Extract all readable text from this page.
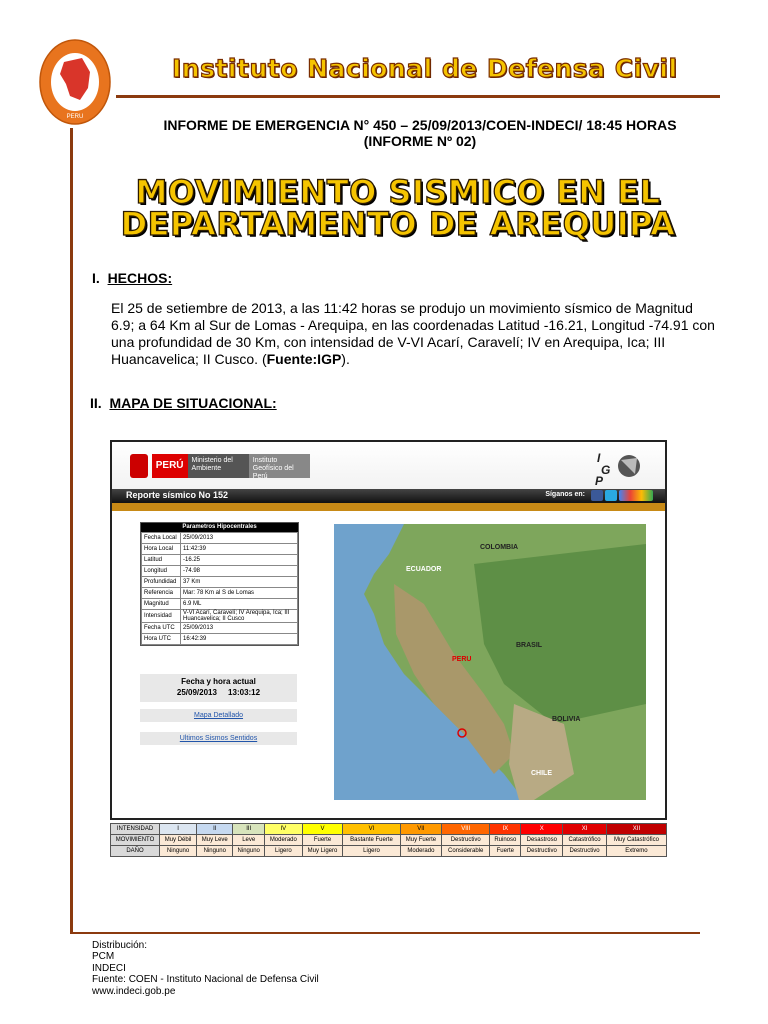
PERU
Instituto Nacional de Defensa Civil
INFORME DE EMERGENCIA N° 450 – 25/09/2013/COEN-INDECI/ 18:45 HORAS
(INFORME Nº 02)
MOVIMIENTO SISMICO EN EL
DEPARTAMENTO DE AREQUIPA
I. HECHOS:
El 25 de setiembre de 2013, a las 11:42 horas se produjo un movimiento sísmico de Magnitud 6.9; a 64 Km al Sur de Lomas - Arequipa, en las coordenadas Latitud -16.21, Longitud -74.91 con una profundidad de 30 Km, con intensidad de V-VI Acarí, Caravelí; IV en Arequipa, Ica; III Huancavelica; II Cusco. (Fuente:IGP).
II. MAPA DE SITUACIONAL:
PERÚ	Ministerio del Ambiente
Instituto Geofísico del Perú
I
G
P
Reporte sísmico No 152	Síganos en:
Parametros Hipocentrales
Fecha Local	25/09/2013
Hora Local	11:42:39
Latitud	-16.25
Longitud	-74.98
Profundidad	37 Km
Referencia	Mar: 78 Km al S de Lomas
Magnitud	6.9 ML
Intensidad	V-VI Acarí, Caravelí; IV Arequipa, Ica; III Huancavelica; II Cusco
Fecha UTC	25/09/2013
Hora UTC	16:42:39
Fecha y hora actual
25/09/2013     13:03:12
Mapa Detallado
Ultimos Sismos Sentidos
COLOMBIA
ECUADOR
BRASIL
PERU
BOLIVIA
CHILE
INTENSIDAD	I	II	III	IV	V	VI	VII	VIII	IX	X	XI	XII
MOVIMIENTO	Muy Débil	Muy Leve	Leve	Moderado	Fuerte	Bastante Fuerte	Muy Fuerte	Destructivo	Ruinoso	Desastroso	Catastrófico	Muy Catastrófico
DAÑO	Ninguno	Ninguno	Ninguno	Ligero	Muy Ligero	Ligero	Moderado	Considerable	Fuerte	Destructivo	Destructivo	Extremo
Distribución:
PCM
INDECI
Fuente: COEN - Instituto Nacional de Defensa Civil
www.indeci.gob.pe
